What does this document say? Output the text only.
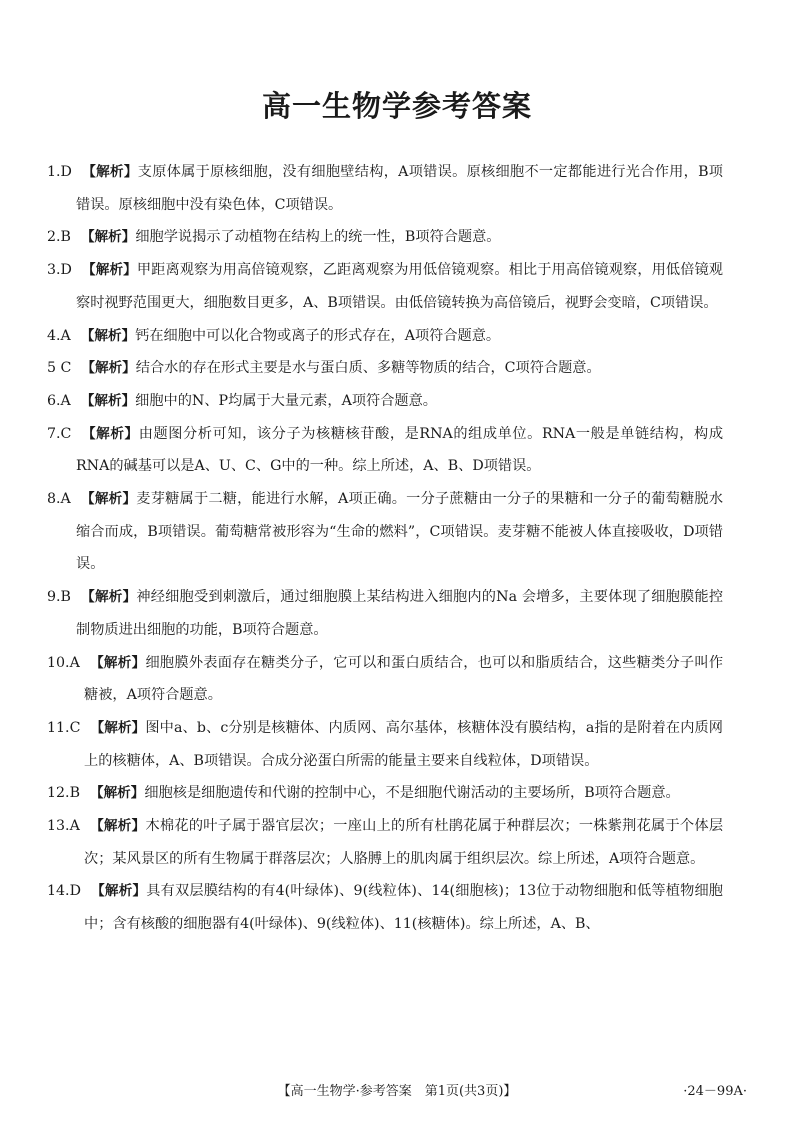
高一生物学参考答案
1.D 【解析】支原体属于原核细胞，没有细胞壁结构，A项错误。原核细胞不一定都能进行光合作用，B项错误。原核细胞中没有染色体，C项错误。
2.B 【解析】细胞学说揭示了动植物在结构上的统一性，B项符合题意。
3.D 【解析】甲距离观察为用高倍镜观察，乙距离观察为用低倍镜观察。相比于用高倍镜观察，用低倍镜观察时视野范围更大，细胞数目更多，A、B项错误。由低倍镜转换为高倍镜后，视野会变暗，C项错误。
4.A 【解析】钙在细胞中可以化合物或离子的形式存在，A项符合题意。
5 C 【解析】结合水的存在形式主要是水与蛋白质、多糖等物质的结合，C项符合题意。
6.A 【解析】细胞中的N、P均属于大量元素，A项符合题意。
7.C 【解析】由题图分析可知，该分子为核糖核苷酸，是RNA的组成单位。RNA一般是单链结构，构成RNA的碱基可以是A、U、C、G中的一种。综上所述，A、B、D项错误。
8.A 【解析】麦芽糖属于二糖，能进行水解，A项正确。一分子蔗糖由一分子的果糖和一分子的葡萄糖脱水缩合而成，B项错误。葡萄糖常被形容为“生命的燃料”，C项错误。麦芽糖不能被人体直接吸收，D项错误。
9.B 【解析】神经细胞受到刺激后，通过细胞膜上某结构进入细胞内的Na 会增多，主要体现了细胞膜能控制物质进出细胞的功能，B项符合题意。
10.A 【解析】细胞膜外表面存在糖类分子，它可以和蛋白质结合，也可以和脂质结合，这些糖类分子叫作糖被，A项符合题意。
11.C 【解析】图中a、b、c分别是核糖体、内质网、高尔基体，核糖体没有膜结构，a指的是附着在内质网上的核糖体，A、B项错误。合成分泌蛋白所需的能量主要来自线粒体，D项错误。
12.B 【解析】细胞核是细胞遗传和代谢的控制中心，不是细胞代谢活动的主要场所，B项符合题意。
13.A 【解析】木棉花的叶子属于器官层次；一座山上的所有杜鹃花属于种群层次；一株紫荆花属于个体层次；某风景区的所有生物属于群落层次；人胳膊上的肌肉属于组织层次。综上所述，A项符合题意。
14.D 【解析】具有双层膜结构的有4(叶绿体)、9(线粒体)、14(细胞核)；13位于动物细胞和低等植物细胞中；含有核酸的细胞器有4(叶绿体)、9(线粒体)、11(核糖体)。综上所述，A、B、
【高一生物学·参考答案　第1页(共3页)】	·24－99A·
